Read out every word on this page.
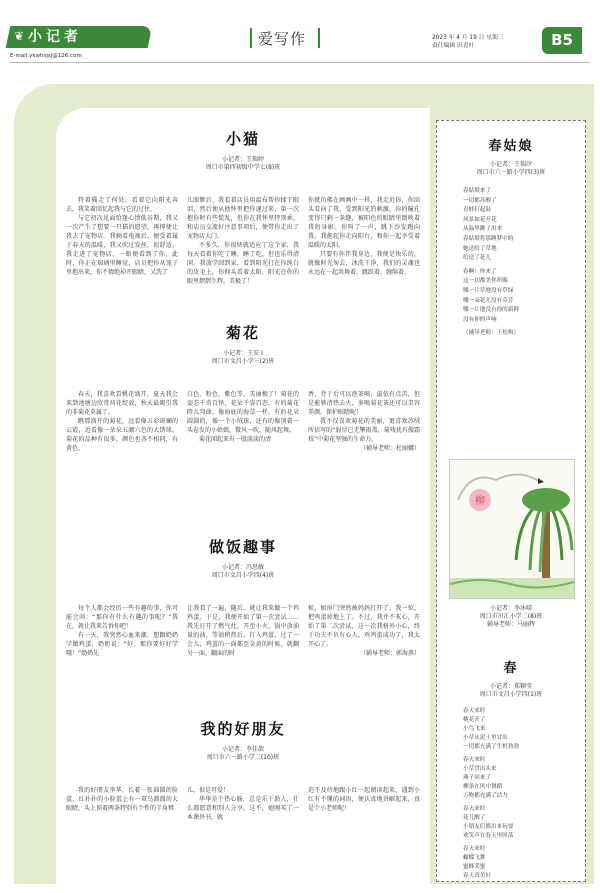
❦ 小记者
E-mail:ykwhsjsj@126.com
爱写作	2023 年 4 月 19 日 星期三
责任编辑 田青叶	B5
小猫
小记者：王瑞婷
周口市第四初级中学七(8)班

特着猫走了何处，看着它向阳光奔去，我笑着回忆起我与它的过往。

与它初次见面恰逢心情低谷期，我又一次产生了想要一只猫的愿望，再抑便让我去了宠物店。我俩看电视后，便受着属于春天的温暖，我又吹过发丝，很舒适。我走进了宠物店，一眼便看到了你，此时，你正在瑞璃里睡觉，店员把你从笼子里抱出来，你不情绝掉开眼睛，又洗了

儿眼眶后，我看着店员用温布帮你揉干眼泪，然后便从他怀里把你递过来，第一次抱你时有些慌乱，但你在我怀里特别乖，和店员交流好注意事项后，便带你走出了宠物店大门。

不多久，你很快就适应了这个家，我每天看着你吃了睡，睡了吃，但也乐得清闲。我放学回到家，看到阳光打在你纯白的皮毛上，你仰头看着太阳，阳光在你的眼里熠熠生辉，美极了！

你就仿佛在画画中一样，我走近你，你回头看向了我，受到阳光的刺激，你的瞳孔变得只剩一条缝，被阳色的眼睛里倒映着我的身影。你叫了一声，跳下沙发跑向我，我抱起你走向阳台，和你一起享受着温暖的太阳。

只要有你伴我身边，我便是快乐的，就像时光匆去，冰洗干净，我们的灵魂也永远在一起共舞着，跳跃着，缠绵着。

菊花
小记者：王安 Ⅰ
周口市文昌小学三(2)班

春天，我喜欢看桃花盛开，夏天我会来到池塘边欣赏荷花绽放，秋天最吸引我的非菊花莫属了。

瞧那盛开的菊花，远看像五彩斑斓的云霞，近看像一朵朵五颜六色的大绣球。菊花的品种有很多，颜色也各不相同，有黄色、

白色、粉色、紫色等，美丽极了！菊花的姿态千奇百怪，花朵千姿百态，有的菊花降儿弯曲，像海底的海草一样，有的花朵圆圆的，像一个小绒球，还有的像顶着一头卷发的小姑娘，微风一吹，随风起舞。

菊花闻起来有一股淡淡的清

香，背于后可以泡茶喝，滋依有点苦，但是能够清热去火，多喝菊花茶还可以美容养颜，保护眼睛呢！

我不仅喜欢菊花的美丽，更喜欢苏绒所信写的“弱尽已无擎雨盖，菊残犹有傲霜枝”中菊花坚强的生命力。

（辅导老师：杜丽娜）

做饭趣事
小记者：冯思敏
周口市文昌小学四(4)班

每个人都会经历一些有趣的事，你可能会问：“那你有什么有趣的事呢？”我在，就让我来告诉你吧！

有一天，我突然心血来潮，想跟奶奶学做鸡蛋，奶奶说：“好，那你要好好学哦！”奶奶先

让我看了一遍，随后，就让我来做一个鸡鸡蛋。于是，我便开始了第一次尝试……我先打开了燃气灶，开至小火，锅中放油量的油，等油稍热后，打入鸡蛋，过了一会儿，鸡蛋的一面都至金黄的时候，就翻另一面，翻面的时

候，厨房门突然被妈妈打开了，我一惊，把鸡蛋掉地上了。不过，我并不灰心，开始了第二次尝试，这一次我格外小心，终于功夫不负有心人，鸡鸡蛋成功了，我太开心了。

（辅导老师：郭海燕）

我的好朋友
小记者：李佳歆
周口市六一路小学二(10)班

我的好朋友李华，长着一张圆圆的脸蛋，红扑扑的小脸蛋上有一双乌溜溜的大眼睛，头上顶着两条特别有个性的羊角辫

儿，很是可爱！

华华是个热心肠，总是乐于助人，什么都愿意和别人分享，这不，她刚买了一本课外书，就

迫不及待地跟小红一起阅读起来，遇到小红有不懂的词语，便认真地讲解起来，真是个小老师呢！

春姑娘
小记者：王瑞汐
周口市六一路小学四(3)班
春姑娘来了
一切都苏醒了
青蛙打起鼓
风景如花开花
从温里跳了出来
春姑娘将那睡梦中的
她送给了草地
给送了花儿
春啊！你来了
这一切都美你所赐
哪一片草地没有草绿
哪一朵花儿没有芬芳
哪一片地没有你的新鲜
没有你的声响
（辅导老师：王松梅）
柳
小记者：李沐晴
周口市川汇小学二(8)班
辅导老师：马丽辉
春
小记者：郑颖莹
周口市文昌小学四(1)班
春天来时
桃花开了
小鸟飞来
小草从泥土里冒出
一切都充满了生机勃勃
春天来时
小草冒出头来
燕子回来了
柳条在风中舞蹈
万物都充满了活力
春天来时
花儿醒了
小朋友们都出来玩耍
欢笑声在春天里回荡
春天来时
蝴蝶飞舞
蜜蜂采蜜
春天真美好
